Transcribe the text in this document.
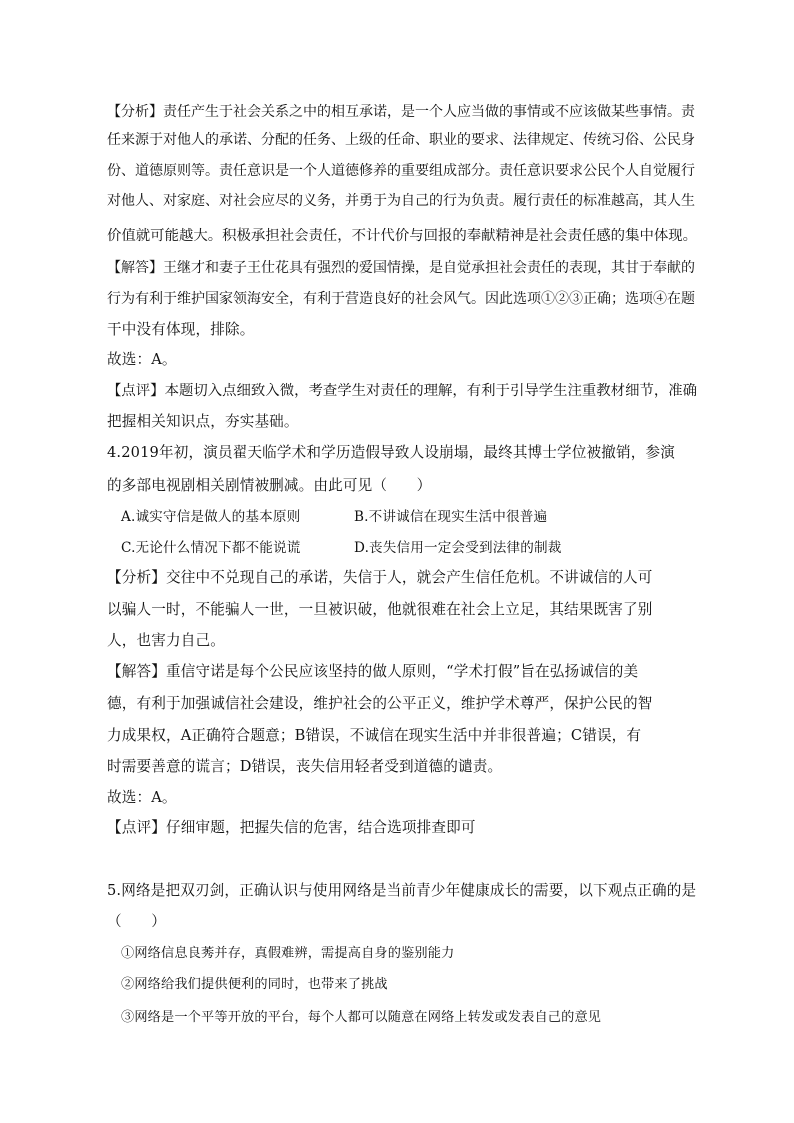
【分析】责任产生于社会关系之中的相互承诺，是一个人应当做的事情或不应该做某些事情。责
任来源于对他人的承诺、分配的任务、上级的任命、职业的要求、法律规定、传统习俗、公民身
份、道德原则等。责任意识是一个人道德修养的重要组成部分。责任意识要求公民个人自觉履行
对他人、对家庭、对社会应尽的义务，并勇于为自己的行为负责。履行责任的标准越高，其人生
价值就可能越大。积极承担社会责任，不计代价与回报的奉献精神是社会责任感的集中体现。
【解答】王继才和妻子王仕花具有强烈的爱国情操，是自觉承担社会责任的表现，其甘于奉献的
行为有利于维护国家领海安全，有利于营造良好的社会风气。因此选项①②③正确；选项④在题
干中没有体现，排除。
故选：A。
【点评】本题切入点细致入微，考查学生对责任的理解，有利于引导学生注重教材细节，准确
把握相关知识点，夯实基础。
4.2019年初，演员翟天临学术和学历造假导致人设崩塌，最终其博士学位被撤销，参演
的多部电视剧相关剧情被删减。由此可见（　　）
A.诚实守信是做人的基本原则	B.不讲诚信在现实生活中很普遍
C.无论什么情况下都不能说谎	D.丧失信用一定会受到法律的制裁
【分析】交往中不兑现自己的承诺，失信于人，就会产生信任危机。不讲诚信的人可
以骗人一时，不能骗人一世，一旦被识破，他就很难在社会上立足，其结果既害了别
人，也害力自己。
【解答】重信守诺是每个公民应该坚持的做人原则，“学术打假”旨在弘扬诚信的美
德，有利于加强诚信社会建设，维护社会的公平正义，维护学术尊严，保护公民的智
力成果权，A正确符合题意；B错误，不诚信在现实生活中并非很普遍；C错误，有
时需要善意的谎言；D错误，丧失信用轻者受到道德的谴责。
故选：A。
【点评】仔细审题，把握失信的危害，结合选项排查即可
5.网络是把双刃剑，正确认识与使用网络是当前青少年健康成长的需要，以下观点正确的是
（　　）
①网络信息良莠并存，真假难辨，需提高自身的鉴别能力
②网络给我们提供便利的同时，也带来了挑战
③网络是一个平等开放的平台，每个人都可以随意在网络上转发或发表自己的意见
